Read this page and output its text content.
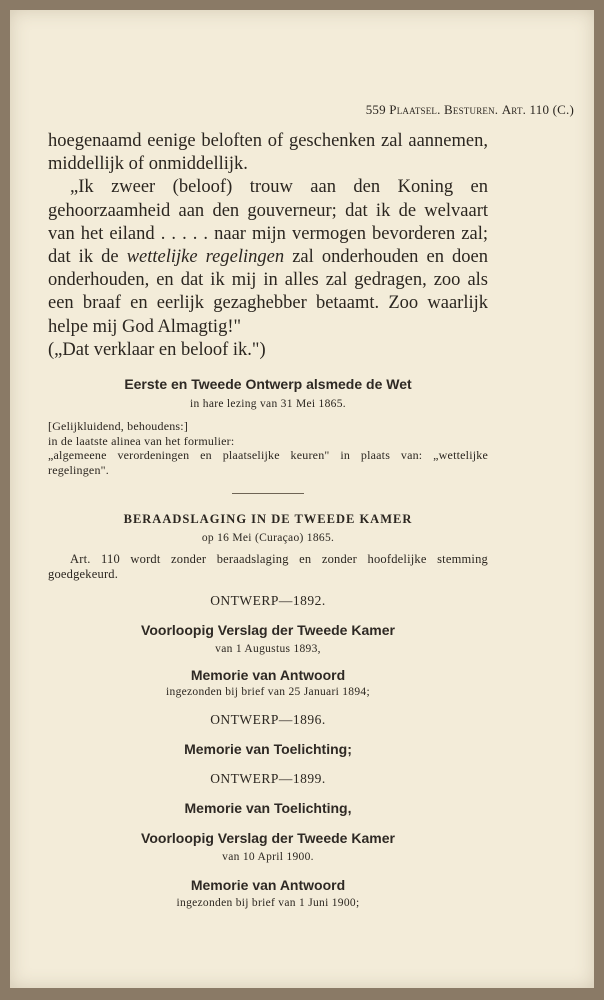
559 Plaatsel. Besturen. Art. 110 (C.)

hoegenaamd eenige beloften of geschenken zal aannemen, middellijk of onmiddellijk.

„Ik zweer (beloof) trouw aan den Koning en gehoorzaamheid aan den gouverneur; dat ik de welvaart van het eiland . . . . . naar mijn vermogen bevorderen zal; dat ik de wettelijke regelingen zal onderhouden en doen onderhouden, en dat ik mij in alles zal gedragen, zoo als een braaf en eerlijk gezaghebber betaamt. Zoo waarlijk helpe mij God Almagtig!"

(„Dat verklaar en beloof ik.")

Eerste en Tweede Ontwerp alsmede de Wet
in hare lezing van 31 Mei 1865.

[Gelijkluidend, behoudens:]

in de laatste alinea van het formulier:

„algemeene verordeningen en plaatselijke keuren" in plaats van: „wettelijke regelingen".

BERAADSLAGING IN DE TWEEDE KAMER
op 16 Mei (Curaçao) 1865.

Art. 110 wordt zonder beraadslaging en zonder hoofdelijke stemming goedgekeurd.

ONTWERP—1892.
Voorloopig Verslag der Tweede Kamer
van 1 Augustus 1893,
Memorie van Antwoord
ingezonden bij brief van 25 Januari 1894;
ONTWERP—1896.
Memorie van Toelichting;
ONTWERP—1899.
Memorie van Toelichting,
Voorloopig Verslag der Tweede Kamer
van 10 April 1900.
Memorie van Antwoord
ingezonden bij brief van 1 Juni 1900;
